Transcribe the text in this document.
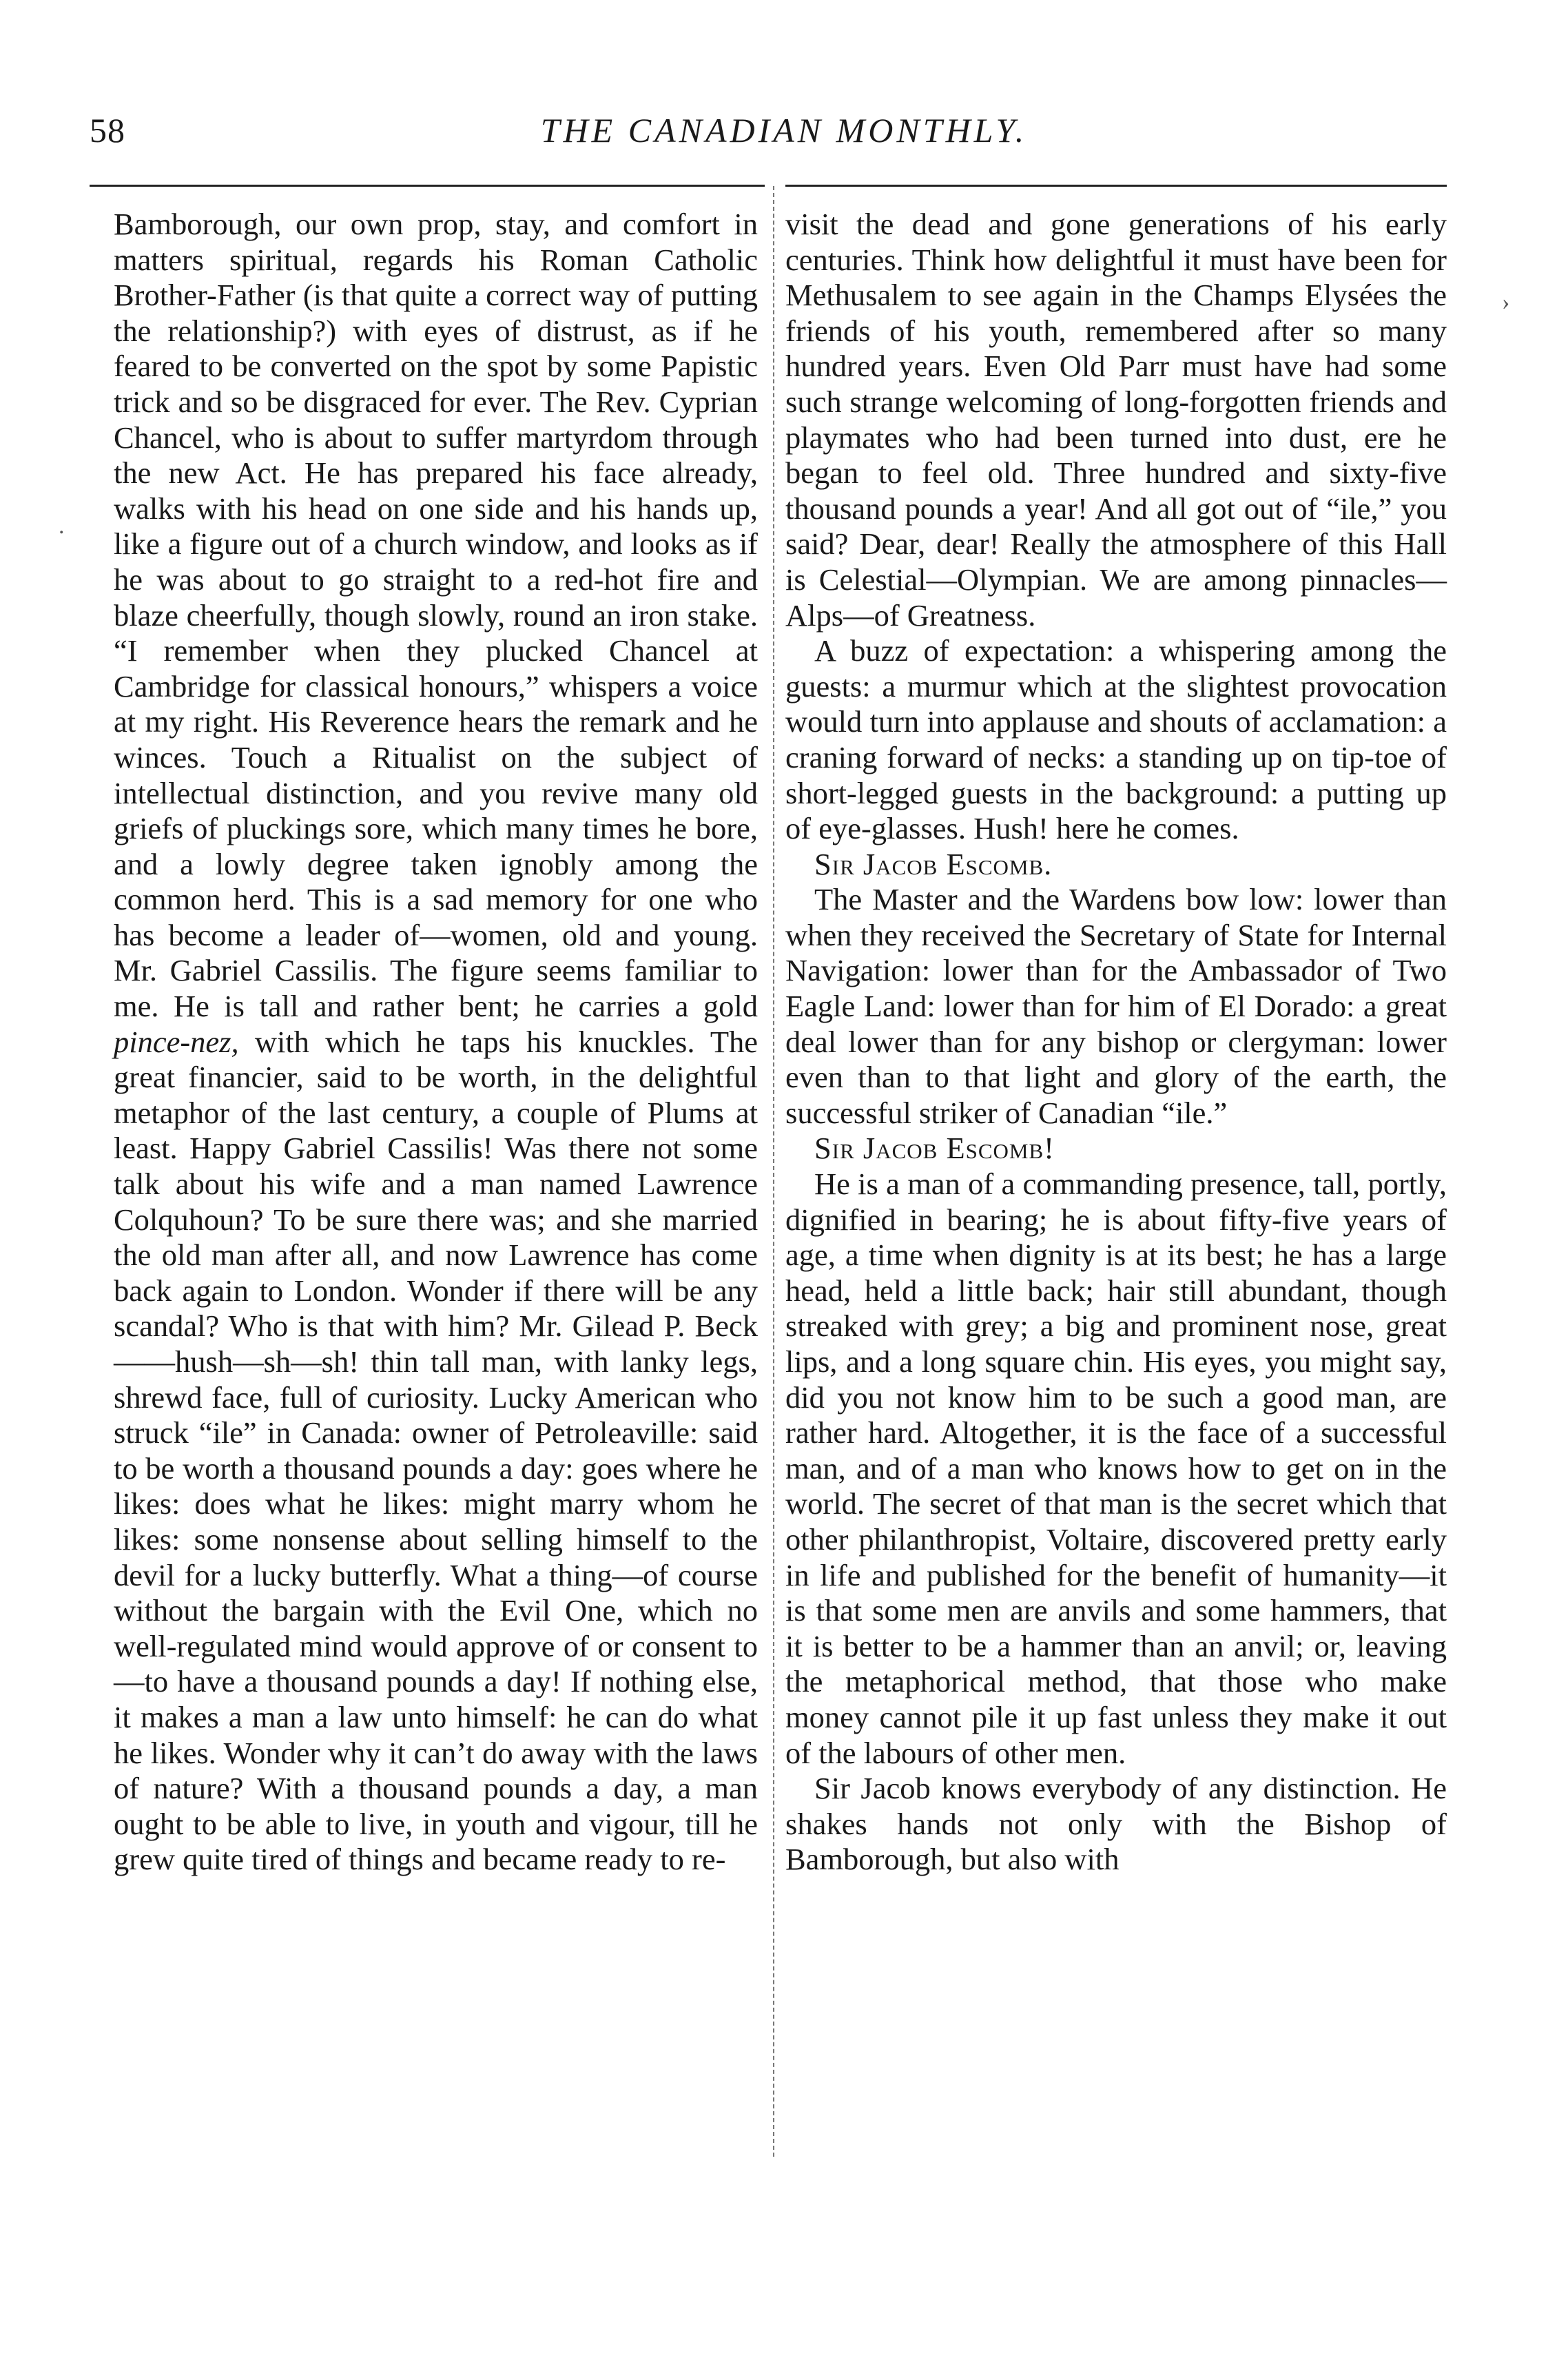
58	THE CANADIAN MONTHLY.

Bamborough, our own prop, stay, and comfort in matters spiritual, regards his Roman Catholic Brother-Father (is that quite a correct way of putting the relationship?) with eyes of distrust, as if he feared to be converted on the spot by some Papistic trick and so be disgraced for ever. The Rev. Cyprian Chancel, who is about to suffer martyrdom through the new Act. He has prepared his face already, walks with his head on one side and his hands up, like a figure out of a church window, and looks as if he was about to go straight to a red-hot fire and blaze cheerfully, though slowly, round an iron stake. “I remember when they plucked Chancel at Cambridge for classical honours,” whispers a voice at my right. His Reverence hears the remark and he winces. Touch a Ritualist on the subject of intellectual distinction, and you revive many old griefs of pluckings sore, which many times he bore, and a lowly degree taken ignobly among the common herd. This is a sad memory for one who has become a leader of—women, old and young. Mr. Gabriel Cassilis. The figure seems familiar to me. He is tall and rather bent; he carries a gold pince-nez, with which he taps his knuckles. The great financier, said to be worth, in the delightful metaphor of the last century, a couple of Plums at least. Happy Gabriel Cassilis! Was there not some talk about his wife and a man named Lawrence Colquhoun? To be sure there was; and she married the old man after all, and now Lawrence has come back again to London. Wonder if there will be any scandal? Who is that with him? Mr. Gilead P. Beck——hush—sh—sh! thin tall man, with lanky legs, shrewd face, full of curiosity. Lucky American who struck “ile” in Canada: owner of Petroleaville: said to be worth a thousand pounds a day: goes where he likes: does what he likes: might marry whom he likes: some nonsense about selling himself to the devil for a lucky butterfly. What a thing—of course without the bargain with the Evil One, which no well-regulated mind would approve of or consent to—to have a thousand pounds a day! If nothing else, it makes a man a law unto himself: he can do what he likes. Wonder why it can’t do away with the laws of nature? With a thousand pounds a day, a man ought to be able to live, in youth and vigour, till he grew quite tired of things and became ready to re-

visit the dead and gone generations of his early centuries. Think how delightful it must have been for Methusalem to see again in the Champs Elysées the friends of his youth, remembered after so many hundred years. Even Old Parr must have had some such strange welcoming of long-forgotten friends and playmates who had been turned into dust, ere he began to feel old. Three hundred and sixty-five thousand pounds a year! And all got out of “ile,” you said? Dear, dear! Really the atmosphere of this Hall is Celestial—Olympian. We are among pinnacles—Alps—of Greatness.

A buzz of expectation: a whispering among the guests: a murmur which at the slightest provocation would turn into applause and shouts of acclamation: a craning forward of necks: a standing up on tip-toe of short-legged guests in the background: a putting up of eye-glasses. Hush! here he comes.

Sir Jacob Escomb.

The Master and the Wardens bow low: lower than when they received the Secretary of State for Internal Navigation: lower than for the Ambassador of Two Eagle Land: lower than for him of El Dorado: a great deal lower than for any bishop or clergyman: lower even than to that light and glory of the earth, the successful striker of Canadian “ile.”

Sir Jacob Escomb!

He is a man of a commanding presence, tall, portly, dignified in bearing; he is about fifty-five years of age, a time when dignity is at its best; he has a large head, held a little back; hair still abundant, though streaked with grey; a big and prominent nose, great lips, and a long square chin. His eyes, you might say, did you not know him to be such a good man, are rather hard. Altogether, it is the face of a successful man, and of a man who knows how to get on in the world. The secret of that man is the secret which that other philanthropist, Voltaire, discovered pretty early in life and published for the benefit of humanity—it is that some men are anvils and some hammers, that it is better to be a hammer than an anvil; or, leaving the metaphorical method, that those who make money cannot pile it up fast unless they make it out of the labours of other men.

Sir Jacob knows everybody of any distinction. He shakes hands not only with the Bishop of Bamborough, but also with

›
.
